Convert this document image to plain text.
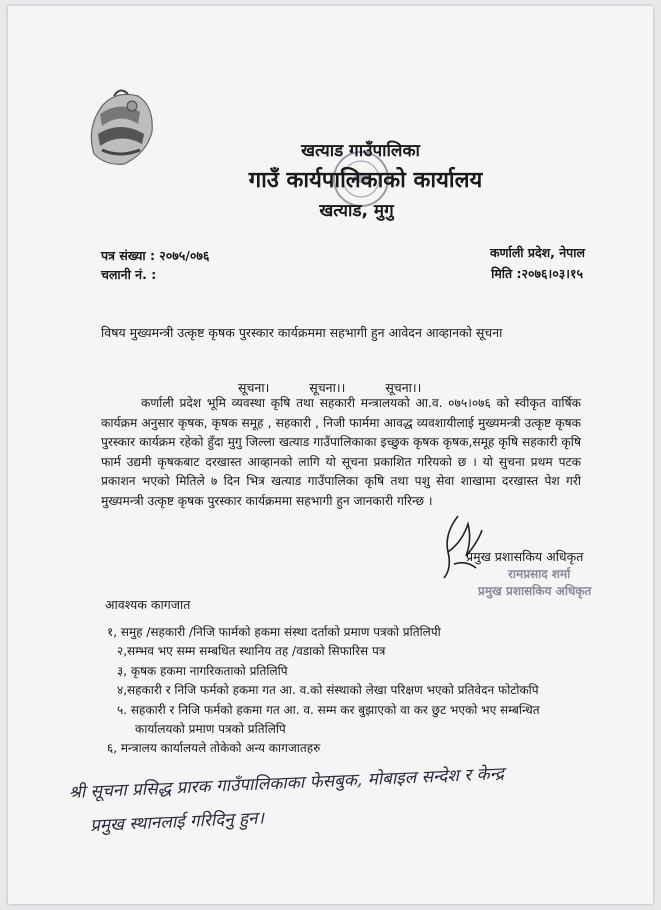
खत्याड गाउँपालिका
गाउँ कार्यपालिकाको कार्यालय
खत्याड, मुगु
पत्र संख्या : २०७५/०७६
चलानी नं. :
कर्णाली प्रदेश, नेपाल
मिति :२०७६।०३।१५
विषय मुख्यमन्त्री उत्कृष्ट कृषक पुरस्कार कार्यक्रममा सहभागी हुन आवेदन आव्हानको सूचना
सूचना।	सूचना।।	सूचना।।
कर्णाली प्रदेश भूमि व्यवस्था कृषि तथा सहकारी मन्त्रालयको आ.व. ०७५।०७६ को स्वीकृत वार्षिक कार्यक्रम अनुसार कृषक, कृषक समूह , सहकारी , निजी फार्ममा आवद्ध व्यवशायीलाई मुख्यमन्त्री उत्कृष्ट कृषक पुरस्कार कार्यक्रम रहेको हुँदा मुगु जिल्ला खत्याड गाउँपालिकाका इच्छुक कृषक कृषक,समूह कृषि सहकारी कृषि फार्म उद्यमी कृषकबाट दरखास्त आव्हानको लागि यो सूचना प्रकाशित गरियको छ । यो सुचना प्रथम पटक प्रकाशन भएको मितिले ७ दिन भित्र खत्याड गाउँपालिका कृषि तथा पशु सेवा शाखामा दरखास्त पेश गरी मुख्यमन्त्री उत्कृष्ट कृषक पुरस्कार कार्यक्रममा सहभागी हुन जानकारी गरिन्छ ।
प्रमुख प्रशासकिय अधिकृत
रामप्रसाद शर्मा
प्रमुख प्रशासकिय अधिकृत
आवश्यक कागजात
१, समुह /सहकारी /निजि फार्मको हकमा संस्था दर्ताको प्रमाण पत्रको प्रतिलिपी
२,सम्भव भए सम्म सम्बधित स्थानिय तह /वडाको सिफारिस पत्र
३, कृषक हकमा नागरिकताको प्रतिलिपि
४,सहकारी र निजि फर्मको हकमा गत आ. व.को संस्थाको लेखा परिक्षण भएको प्रतिवेदन फोटोकपि
५. सहकारी र निजि फर्मको हकमा गत आ. व. सम्म कर बुझाएको वा कर छुट भएको भए सम्बन्धित
कार्यालयको प्रमाण पत्रको प्रतिलिपि
६, मन्त्रालय कार्यालयले तोकेको अन्य कागजातहरु
श्री सूचना प्रसिद्ध प्रारक गाउँपालिकाका फेसबुक, मोबाइल सन्देश र केन्द्र
प्रमुख स्थानलाई गरिदिनु हुन।
